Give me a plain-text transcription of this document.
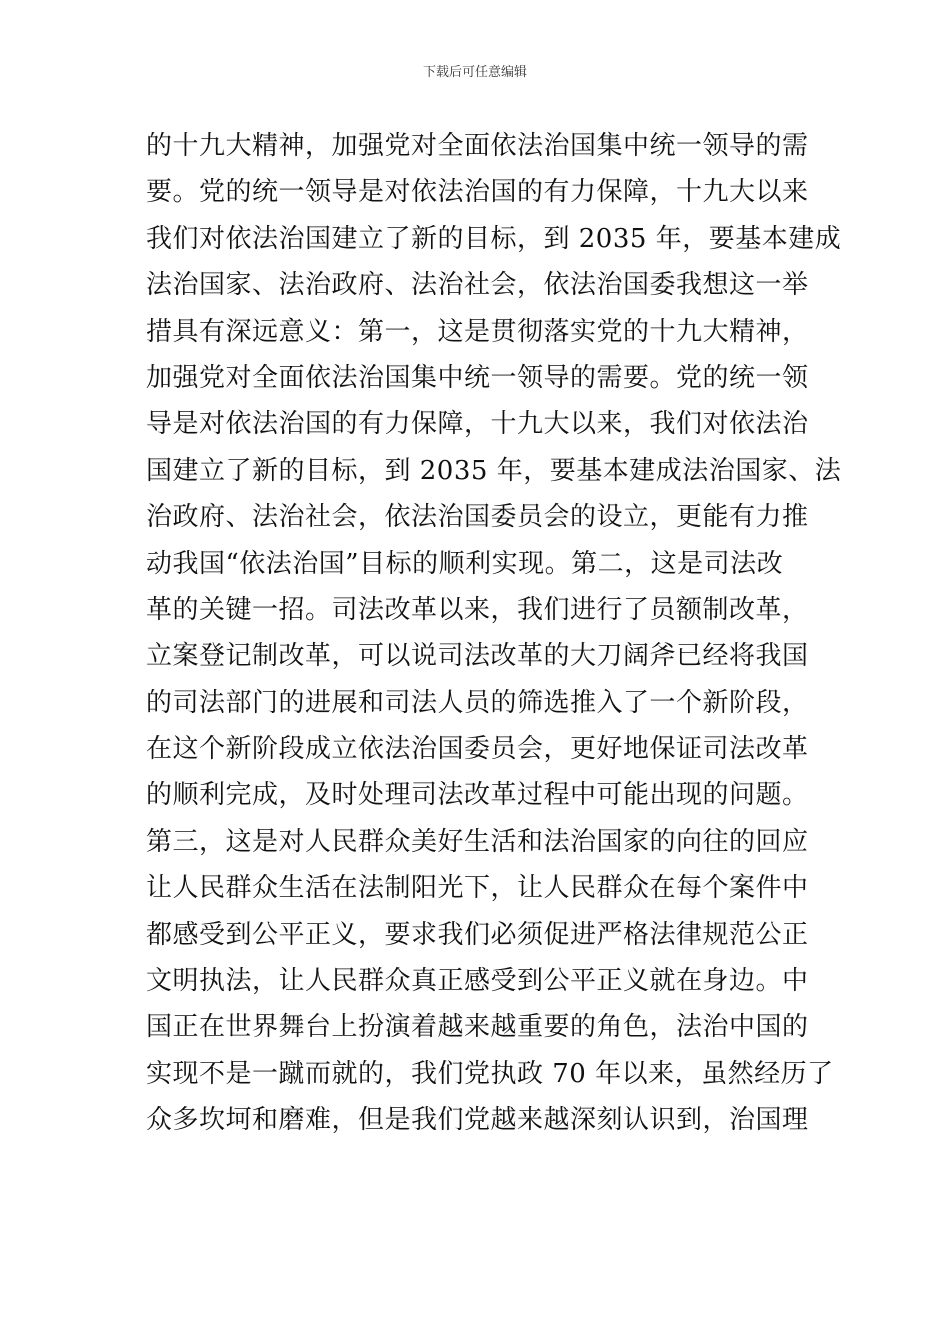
下载后可任意编辑
的十九大精神，加强党对全面依法治国集中统一领导的需
要。党的统一领导是对依法治国的有力保障，十九大以来
我们对依法治国建立了新的目标，到 2035 年，要基本建成
法治国家、法治政府、法治社会，依法治国委我想这一举
措具有深远意义：第一，这是贯彻落实党的十九大精神，
加强党对全面依法治国集中统一领导的需要。党的统一领
导是对依法治国的有力保障，十九大以来，我们对依法治
国建立了新的目标，到 2035 年，要基本建成法治国家、法
治政府、法治社会，依法治国委员会的设立，更能有力推
动我国“依法治国”目标的顺利实现。第二，这是司法改
革的关键一招。司法改革以来，我们进行了员额制改革，
立案登记制改革，可以说司法改革的大刀阔斧已经将我国
的司法部门的进展和司法人员的筛选推入了一个新阶段，
在这个新阶段成立依法治国委员会，更好地保证司法改革
的顺利完成，及时处理司法改革过程中可能出现的问题。
第三，这是对人民群众美好生活和法治国家的向往的回应
让人民群众生活在法制阳光下，让人民群众在每个案件中
都感受到公平正义，要求我们必须促进严格法律规范公正
文明执法，让人民群众真正感受到公平正义就在身边。中
国正在世界舞台上扮演着越来越重要的角色，法治中国的
实现不是一蹴而就的，我们党执政 70 年以来，虽然经历了
众多坎坷和磨难，但是我们党越来越深刻认识到，治国理
